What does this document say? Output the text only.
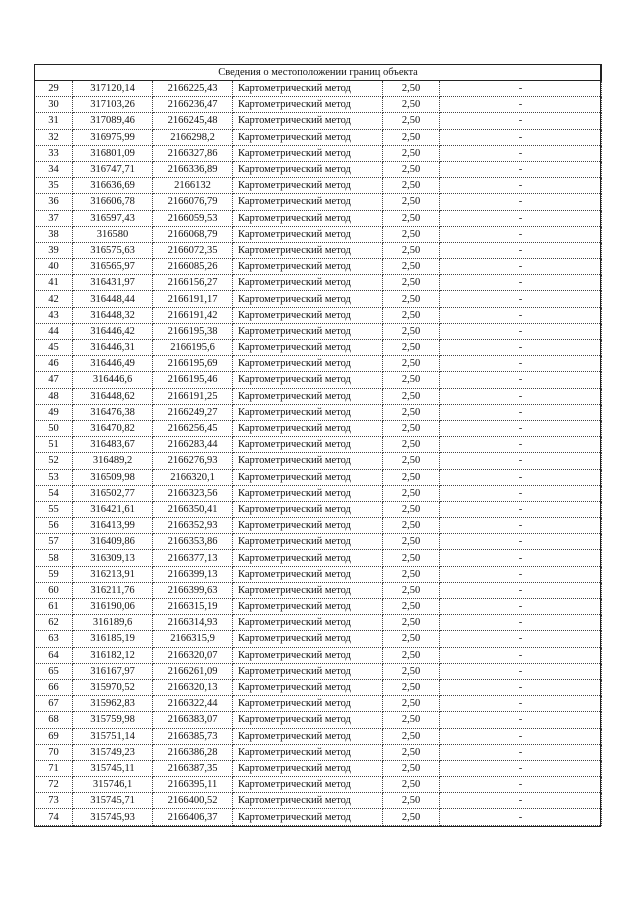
Сведения о местоположении границ объекта					
29	317120,14	2166225,43	Картометрический метод	2,50	-
30	317103,26	2166236,47	Картометрический метод	2,50	-
31	317089,46	2166245,48	Картометрический метод	2,50	-
32	316975,99	2166298,2	Картометрический метод	2,50	-
33	316801,09	2166327,86	Картометрический метод	2,50	-
34	316747,71	2166336,89	Картометрический метод	2,50	-
35	316636,69	2166132	Картометрический метод	2,50	-
36	316606,78	2166076,79	Картометрический метод	2,50	-
37	316597,43	2166059,53	Картометрический метод	2,50	-
38	316580	2166068,79	Картометрический метод	2,50	-
39	316575,63	2166072,35	Картометрический метод	2,50	-
40	316565,97	2166085,26	Картометрический метод	2,50	-
41	316431,97	2166156,27	Картометрический метод	2,50	-
42	316448,44	2166191,17	Картометрический метод	2,50	-
43	316448,32	2166191,42	Картометрический метод	2,50	-
44	316446,42	2166195,38	Картометрический метод	2,50	-
45	316446,31	2166195,6	Картометрический метод	2,50	-
46	316446,49	2166195,69	Картометрический метод	2,50	-
47	316446,6	2166195,46	Картометрический метод	2,50	-
48	316448,62	2166191,25	Картометрический метод	2,50	-
49	316476,38	2166249,27	Картометрический метод	2,50	-
50	316470,82	2166256,45	Картометрический метод	2,50	-
51	316483,67	2166283,44	Картометрический метод	2,50	-
52	316489,2	2166276,93	Картометрический метод	2,50	-
53	316509,98	2166320,1	Картометрический метод	2,50	-
54	316502,77	2166323,56	Картометрический метод	2,50	-
55	316421,61	2166350,41	Картометрический метод	2,50	-
56	316413,99	2166352,93	Картометрический метод	2,50	-
57	316409,86	2166353,86	Картометрический метод	2,50	-
58	316309,13	2166377,13	Картометрический метод	2,50	-
59	316213,91	2166399,13	Картометрический метод	2,50	-
60	316211,76	2166399,63	Картометрический метод	2,50	-
61	316190,06	2166315,19	Картометрический метод	2,50	-
62	316189,6	2166314,93	Картометрический метод	2,50	-
63	316185,19	2166315,9	Картометрический метод	2,50	-
64	316182,12	2166320,07	Картометрический метод	2,50	-
65	316167,97	2166261,09	Картометрический метод	2,50	-
66	315970,52	2166320,13	Картометрический метод	2,50	-
67	315962,83	2166322,44	Картометрический метод	2,50	-
68	315759,98	2166383,07	Картометрический метод	2,50	-
69	315751,14	2166385,73	Картометрический метод	2,50	-
70	315749,23	2166386,28	Картометрический метод	2,50	-
71	315745,11	2166387,35	Картометрический метод	2,50	-
72	315746,1	2166395,11	Картометрический метод	2,50	-
73	315745,71	2166400,52	Картометрический метод	2,50	-
74	315745,93	2166406,37	Картометрический метод	2,50	-
